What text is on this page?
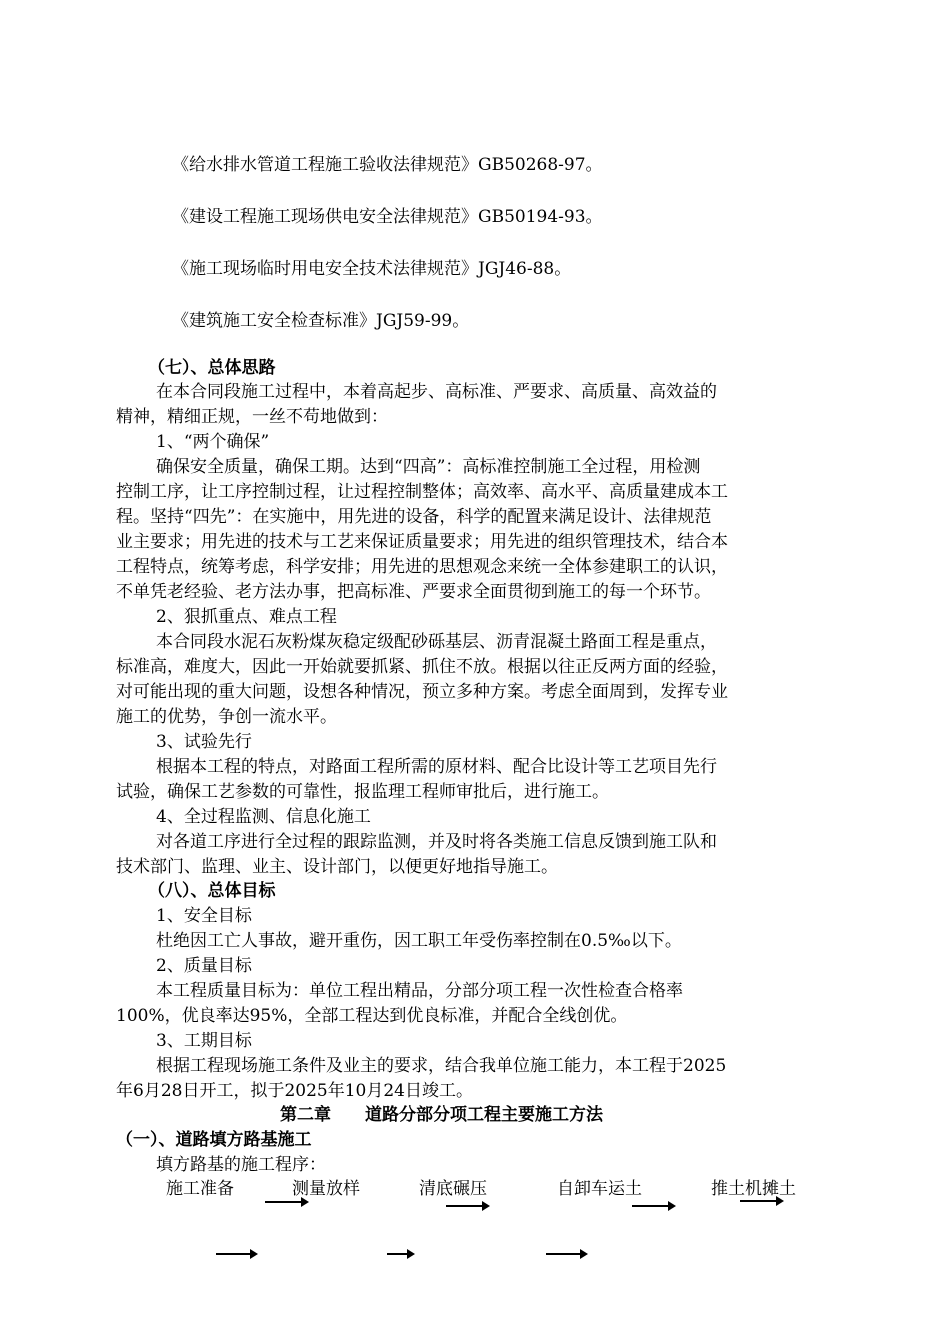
《给水排水管道工程施工验收法律规范》GB50268-97。
《建设工程施工现场供电安全法律规范》GB50194-93。
《施工现场临时用电安全技术法律规范》JGJ46-88。
《建筑施工安全检查标准》JGJ59-99。
（七）、总体思路
在本合同段施工过程中，本着高起步、高标准、严要求、高质量、高效益的
精神，精细正规，一丝不苟地做到：
1、“两个确保”
确保安全质量，确保工期。达到“四高”：高标准控制施工全过程，用检测
控制工序，让工序控制过程，让过程控制整体；高效率、高水平、高质量建成本工
程。坚持“四先”：在实施中，用先进的设备，科学的配置来满足设计、法律规范
业主要求；用先进的技术与工艺来保证质量要求；用先进的组织管理技术，结合本
工程特点，统筹考虑，科学安排；用先进的思想观念来统一全体参建职工的认识，
不单凭老经验、老方法办事，把高标准、严要求全面贯彻到施工的每一个环节。
2、狠抓重点、难点工程
本合同段水泥石灰粉煤灰稳定级配砂砾基层、沥青混凝土路面工程是重点，
标准高，难度大，因此一开始就要抓紧、抓住不放。根据以往正反两方面的经验，
对可能出现的重大问题，设想各种情况，预立多种方案。考虑全面周到，发挥专业
施工的优势，争创一流水平。
3、试验先行
根据本工程的特点，对路面工程所需的原材料、配合比设计等工艺项目先行
试验，确保工艺参数的可靠性，报监理工程师审批后，进行施工。
4、全过程监测、信息化施工
对各道工序进行全过程的跟踪监测，并及时将各类施工信息反馈到施工队和
技术部门、监理、业主、设计部门，以便更好地指导施工。
（八）、总体目标
1、安全目标
杜绝因工亡人事故，避开重伤，因工职工年受伤率控制在0.5‰以下。
2、质量目标
本工程质量目标为：单位工程出精品，分部分项工程一次性检查合格率
100%，优良率达95%，全部工程达到优良标准，并配合全线创优。
3、工期目标
根据工程现场施工条件及业主的要求，结合我单位施工能力，本工程于2025
年6月28日开工，拟于2025年10月24日竣工。
第二章　　道路分部分项工程主要施工方法
（一）、道路填方路基施工
填方路基的施工程序：
施工准备	测量放样	清底碾压	自卸车运土	推土机摊土
